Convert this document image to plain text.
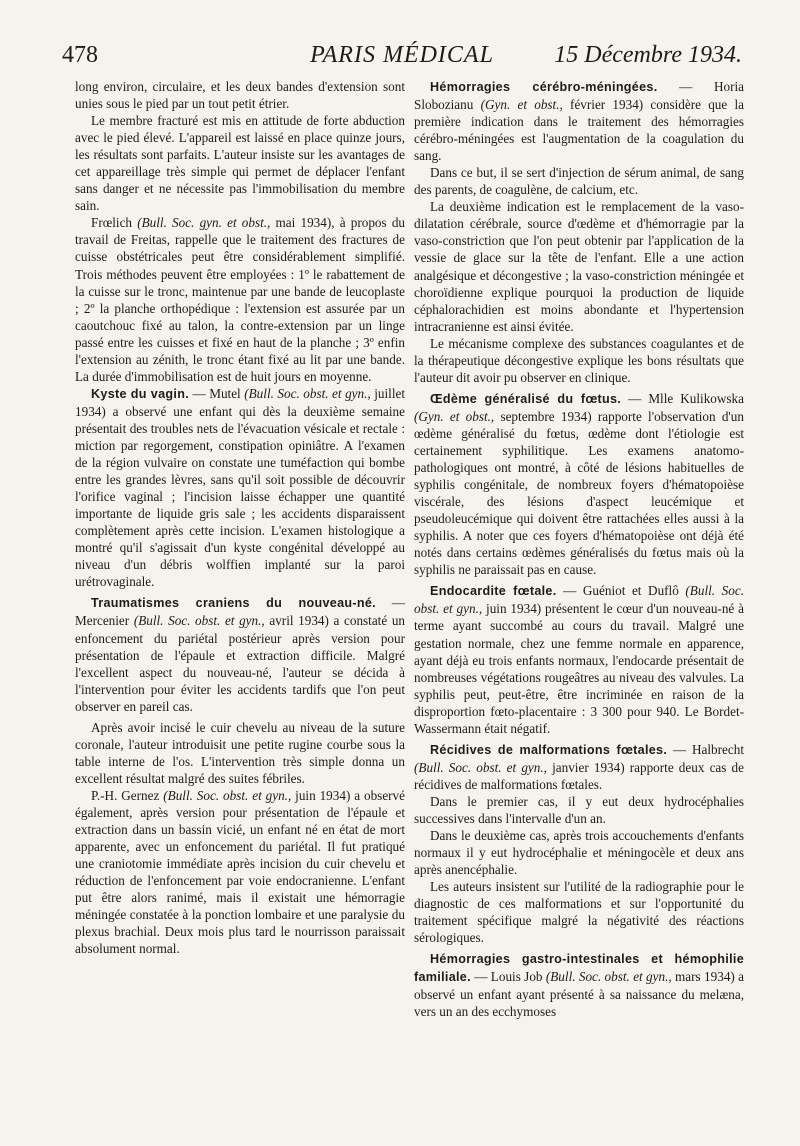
478	PARIS MÉDICAL	15 Décembre 1934.

long environ, circulaire, et les deux bandes d'extension sont unies sous le pied par un tout petit étrier.

Le membre fracturé est mis en attitude de forte abduction avec le pied élevé. L'appareil est laissé en place quinze jours, les résultats sont parfaits. L'auteur insiste sur les avantages de cet appareillage très simple qui permet de déplacer l'enfant sans danger et ne nécessite pas l'immobilisation du membre sain.

Frœlich (Bull. Soc. gyn. et obst., mai 1934), à propos du travail de Freitas, rappelle que le traitement des fractures de cuisse obstétricales peut être considérablement simplifié. Trois méthodes peuvent être employées : 1º le rabattement de la cuisse sur le tronc, maintenue par une bande de leucoplaste ; 2º la planche orthopédique : l'extension est assurée par un caoutchouc fixé au talon, la contre-extension par un linge passé entre les cuisses et fixé en haut de la planche ; 3º enfin l'extension au zénith, le tronc étant fixé au lit par une bande. La durée d'immobilisation est de huit jours en moyenne.

Kyste du vagin. — Mutel (Bull. Soc. obst. et gyn., juillet 1934) a observé une enfant qui dès la deuxième semaine présentait des troubles nets de l'évacuation vésicale et rectale : miction par regorgement, constipation opiniâtre. A l'examen de la région vulvaire on constate une tuméfaction qui bombe entre les grandes lèvres, sans qu'il soit possible de découvrir l'orifice vaginal ; l'incision laisse échapper une quantité importante de liquide gris sale ; les accidents disparaissent complètement après cette incision. L'examen histologique a montré qu'il s'agissait d'un kyste congénital développé au niveau d'un débris wolffien implanté sur la paroi urétrovaginale.

Traumatismes craniens du nouveau-né. — Mercenier (Bull. Soc. obst. et gyn., avril 1934) a constaté un enfoncement du pariétal postérieur après version pour présentation de l'épaule et extraction difficile. Malgré l'excellent aspect du nouveau-né, l'auteur se décida à l'intervention pour éviter les accidents tardifs que l'on peut observer en pareil cas.

Après avoir incisé le cuir chevelu au niveau de la suture coronale, l'auteur introduisit une petite rugine courbe sous la table interne de l'os. L'intervention très simple donna un excellent résultat malgré des suites fébriles.

P.-H. Gernez (Bull. Soc. obst. et gyn., juin 1934) a observé également, après version pour présentation de l'épaule et extraction dans un bassin vicié, un enfant né en état de mort apparente, avec un enfoncement du pariétal. Il fut pratiqué une craniotomie immédiate après incision du cuir chevelu et réduction de l'enfoncement par voie endocranienne. L'enfant put être alors ranimé, mais il existait une hémorragie méningée constatée à la ponction lombaire et une paralysie du plexus brachial. Deux mois plus tard le nourrisson paraissait absolument normal.

Hémorragies cérébro-méningées. — Horia Slobozianu (Gyn. et obst., février 1934) considère que la première indication dans le traitement des hémorragies cérébro-méningées est l'augmentation de la coagulation du sang.

Dans ce but, il se sert d'injection de sérum animal, de sang des parents, de coagulène, de calcium, etc.

La deuxième indication est le remplacement de la vaso-dilatation cérébrale, source d'œdème et d'hémorragie par la vaso-constriction que l'on peut obtenir par l'application de la vessie de glace sur la tête de l'enfant. Elle a une action analgésique et décongestive ; la vaso-constriction méningée et choroïdienne explique pourquoi la production de liquide céphalorachidien est moins abondante et l'hypertension intracranienne est ainsi évitée.

Le mécanisme complexe des substances coagulantes et de la thérapeutique décongestive explique les bons résultats que l'auteur dit avoir pu observer en clinique.

Œdème généralisé du fœtus. — Mlle Kulikowska (Gyn. et obst., septembre 1934) rapporte l'observation d'un œdème généralisé du fœtus, œdème dont l'étiologie est certainement syphilitique. Les examens anatomo-pathologiques ont montré, à côté de lésions habituelles de syphilis congénitale, de nombreux foyers d'hématopoièse viscérale, des lésions d'aspect leucémique et pseudoleucémique qui doivent être rattachées elles aussi à la syphilis. A noter que ces foyers d'hématopoièse ont déjà été notés dans certains œdèmes généralisés du fœtus mais où la syphilis ne paraissait pas en cause.

Endocardite fœtale. — Guéniot et Duflô (Bull. Soc. obst. et gyn., juin 1934) présentent le cœur d'un nouveau-né à terme ayant succombé au cours du travail. Malgré une gestation normale, chez une femme normale en apparence, ayant déjà eu trois enfants normaux, l'endocarde présentait de nombreuses végétations rougeâtres au niveau des valvules. La syphilis peut, peut-être, être incriminée en raison de la disproportion fœto-placentaire : 3 300 pour 940. Le Bordet-Wassermann était négatif.

Récidives de malformations fœtales. — Halbrecht (Bull. Soc. obst. et gyn., janvier 1934) rapporte deux cas de récidives de malformations fœtales.

Dans le premier cas, il y eut deux hydrocéphalies successives dans l'intervalle d'un an.

Dans le deuxième cas, après trois accouchements d'enfants normaux il y eut hydrocéphalie et méningocèle et deux ans après anencéphalie.

Les auteurs insistent sur l'utilité de la radiographie pour le diagnostic de ces malformations et sur l'opportunité du traitement spécifique malgré la négativité des réactions sérologiques.

Hémorragies gastro-intestinales et hémophilie familiale. — Louis Job (Bull. Soc. obst. et gyn., mars 1934) a observé un enfant ayant présenté à sa naissance du melæna, vers un an des ecchymoses
